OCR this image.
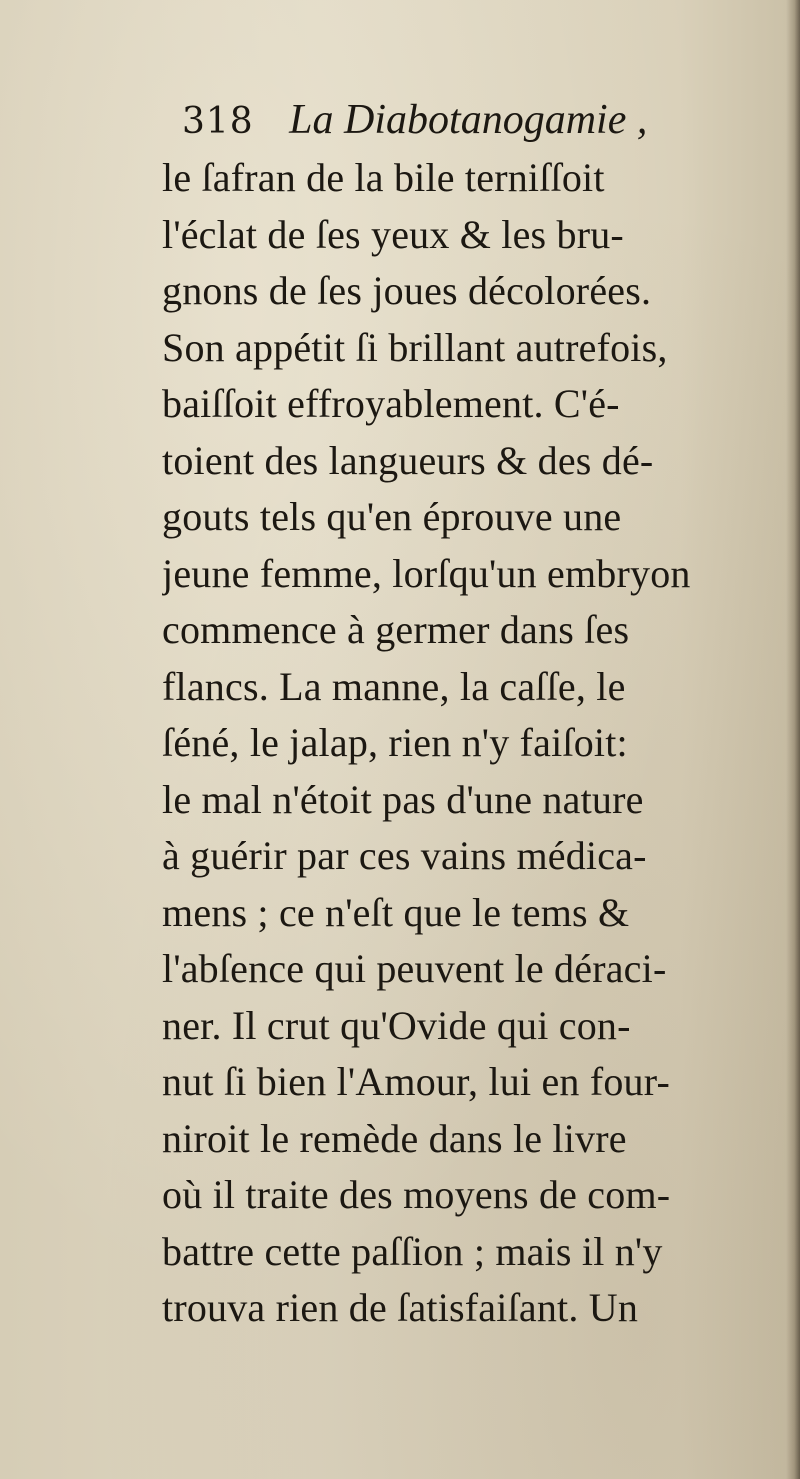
318 La Diabotanogamie ,
le ſafran de la bile terniſſoit
l'éclat de ſes yeux & les bru-
gnons de ſes joues décolorées.
Son appétit ſi brillant autrefois,
baiſſoit effroyablement. C'é-
toient des langueurs & des dé-
gouts tels qu'en éprouve une
jeune femme, lorſqu'un embryon
commence à germer dans ſes
flancs. La manne, la caſſe, le
ſéné, le jalap, rien n'y faiſoit:
le mal n'étoit pas d'une nature
à guérir par ces vains médica-
mens ; ce n'eſt que le tems &
l'abſence qui peuvent le déraci-
ner. Il crut qu'Ovide qui con-
nut ſi bien l'Amour, lui en four-
niroit le remède dans le livre
où il traite des moyens de com-
battre cette paſſion ; mais il n'y
trouva rien de ſatisfaiſant. Un
